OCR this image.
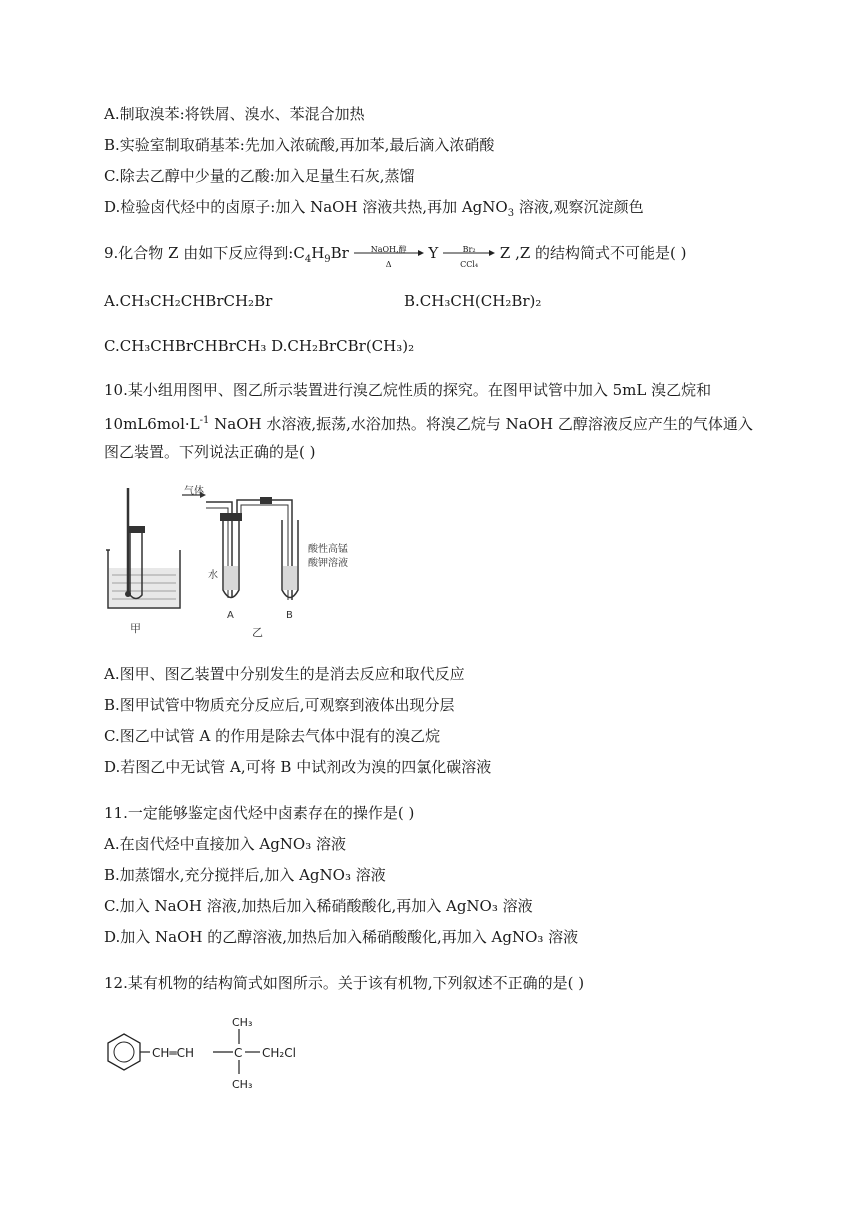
A.制取溴苯:将铁屑、溴水、苯混合加热
B.实验室制取硝基苯:先加入浓硫酸,再加苯,最后滴入浓硝酸
C.除去乙醇中少量的乙酸:加入足量生石灰,蒸馏
D.检验卤代烃中的卤原子:加入 NaOH 溶液共热,再加 AgNO$_3$ 溶液,观察沉淀颜色
9.化合物 Z 由如下反应得到$:C_4H_9Br$	NaOH,醇
Δ
Y	Br₂
CCl₄
Z ,Z 的结构简式不可能是( )
A.CH₃CH₂CHBrCH₂Br	B.CH₃CH(CH₂Br)₂
C.CH₃CHBrCHBrCH₃ D.CH₂BrCBr(CH₃)₂
10.某小组用图甲、图乙所示装置进行溴乙烷性质的探究。在图甲试管中加入 5mL 溴乙烷和
$10mL6mol\cdot L^{-1}$ NaOH 水溶液,振荡,水浴加热。将溴乙烷与 NaOH 乙醇溶液反应产生的气体通入
图乙装置。下列说法正确的是( )
甲
气体
水
酸性高锰
酸钾溶液
A	B
乙
A.图甲、图乙装置中分别发生的是消去反应和取代反应
B.图甲试管中物质充分反应后,可观察到液体出现分层
C.图乙中试管 A 的作用是除去气体中混有的溴乙烷
D.若图乙中无试管 A,可将 B 中试剂改为溴的四氯化碳溶液
11.一定能够鉴定卤代烃中卤素存在的操作是( )
A.在卤代烃中直接加入 AgNO₃ 溶液
B.加蒸馏水,充分搅拌后,加入 AgNO₃ 溶液
C.加入 NaOH 溶液,加热后加入稀硝酸酸化,再加入 AgNO₃ 溶液
D.加入 NaOH 的乙醇溶液,加热后加入稀硝酸酸化,再加入 AgNO₃ 溶液
12.某有机物的结构简式如图所示。关于该有机物,下列叙述不正确的是( )
CH═CH	C
CH₃
CH₃
CH₂Cl
